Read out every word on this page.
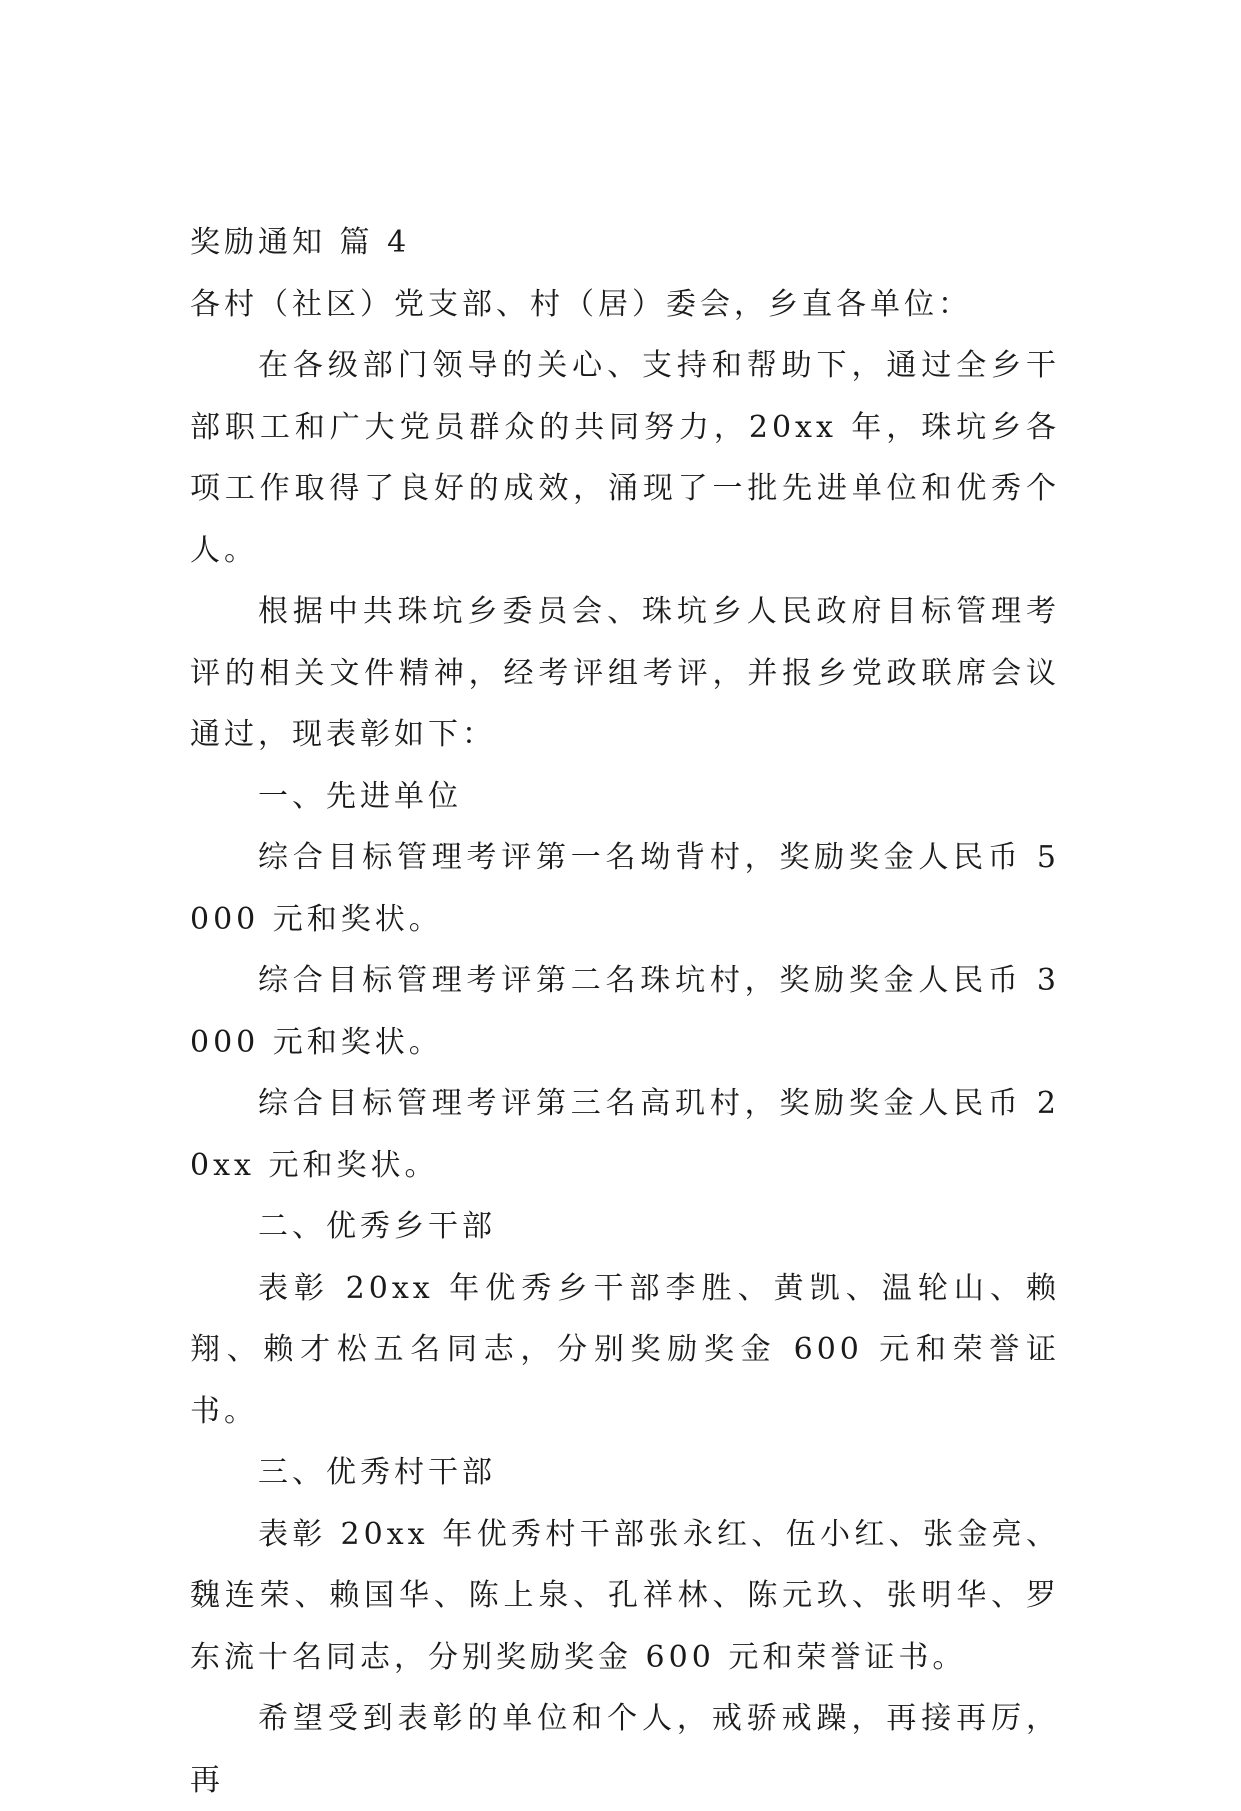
奖励通知 篇 4

各村（社区）党支部、村（居）委会，乡直各单位：

在各级部门领导的关心、支持和帮助下，通过全乡干部职工和广大党员群众的共同努力，20xx 年，珠坑乡各项工作取得了良好的成效，涌现了一批先进单位和优秀个人。

根据中共珠坑乡委员会、珠坑乡人民政府目标管理考评的相关文件精神，经考评组考评，并报乡党政联席会议通过，现表彰如下：

一、先进单位

综合目标管理考评第一名坳背村，奖励奖金人民币 5000 元和奖状。

综合目标管理考评第二名珠坑村，奖励奖金人民币 3000 元和奖状。

综合目标管理考评第三名高玑村，奖励奖金人民币 20xx 元和奖状。

二、优秀乡干部

表彰 20xx 年优秀乡干部李胜、黄凯、温轮山、赖翔、赖才松五名同志，分别奖励奖金 600 元和荣誉证书。

三、优秀村干部

表彰 20xx 年优秀村干部张永红、伍小红、张金亮、魏连荣、赖国华、陈上泉、孔祥林、陈元玖、张明华、罗东流十名同志，分别奖励奖金 600 元和荣誉证书。

希望受到表彰的单位和个人，戒骄戒躁，再接再厉，再
